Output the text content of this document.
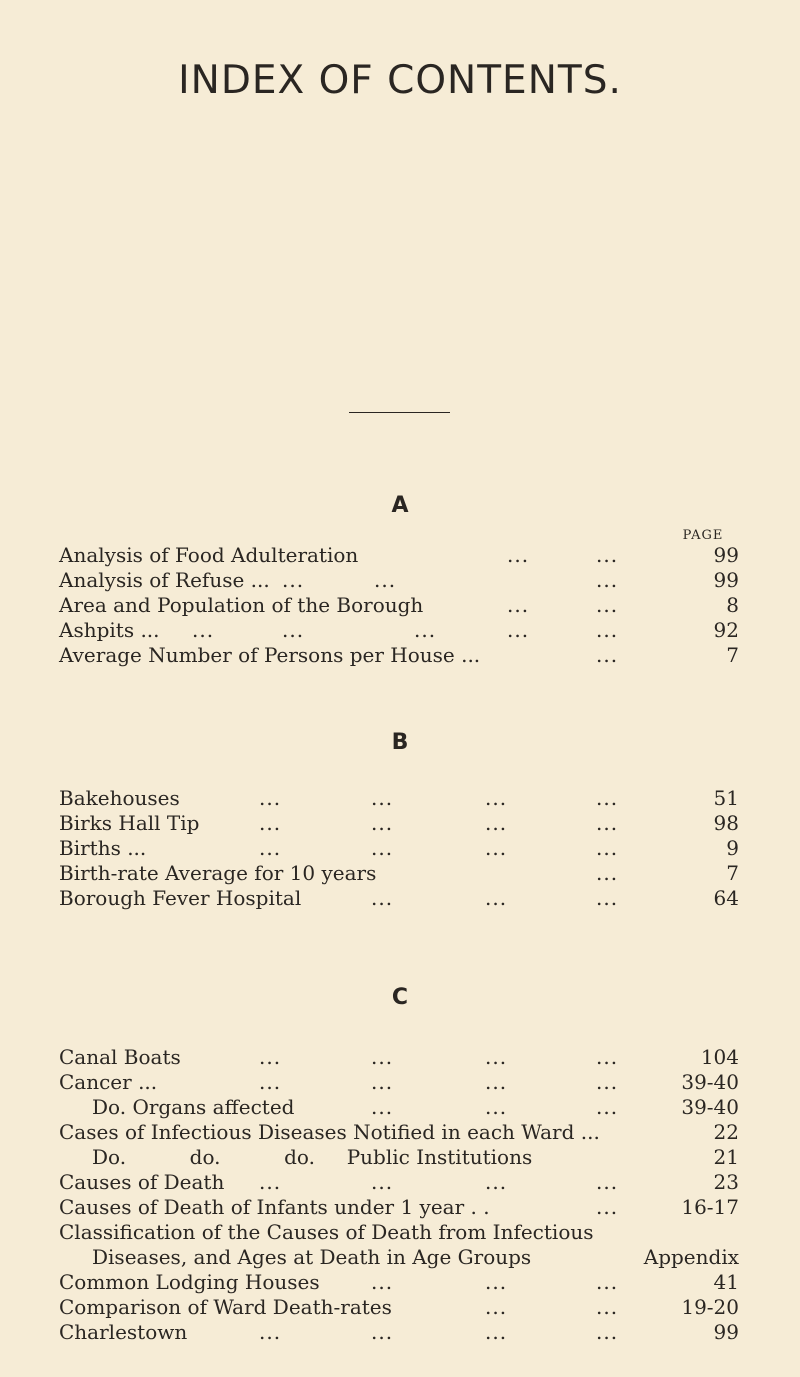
INDEX OF CONTENTS.
A
PAGE
Analysis of Food Adulteration	...	...	99
Analysis of Refuse ... ...	...	...	99
Area and Population of the Borough	...	...	8
Ashpits ... ...	...	...	...	...	92
Average Number of Persons per House ...	...	7
B
Bakehouses	...	...	...	...	51
Birks Hall Tip	...	...	...	...	98
Births ...	...	...	...	...	9
Birth-rate Average for 10 years	...	7
Borough Fever Hospital	...	...	...	64
C
Canal Boats	...	...	...	...	104
Cancer ...	...	...	...	...	39-40
Do. Organs affected	...	...	...	39-40
Cases of Infectious Diseases Notified in each Ward ...	22
Do.          do.          do.     Public Institutions	21
Causes of Death ...	...	...	...	23
Causes of Death of Infants under 1 year . .	...	16-17
Classification of the Causes of Death from Infectious
Diseases, and Ages at Death in Age Groups	Appendix
Common Lodging Houses	...	...	...	41
Comparison of Ward Death-rates	...	...	19-20
Charlestown	...	...	...	...	99
